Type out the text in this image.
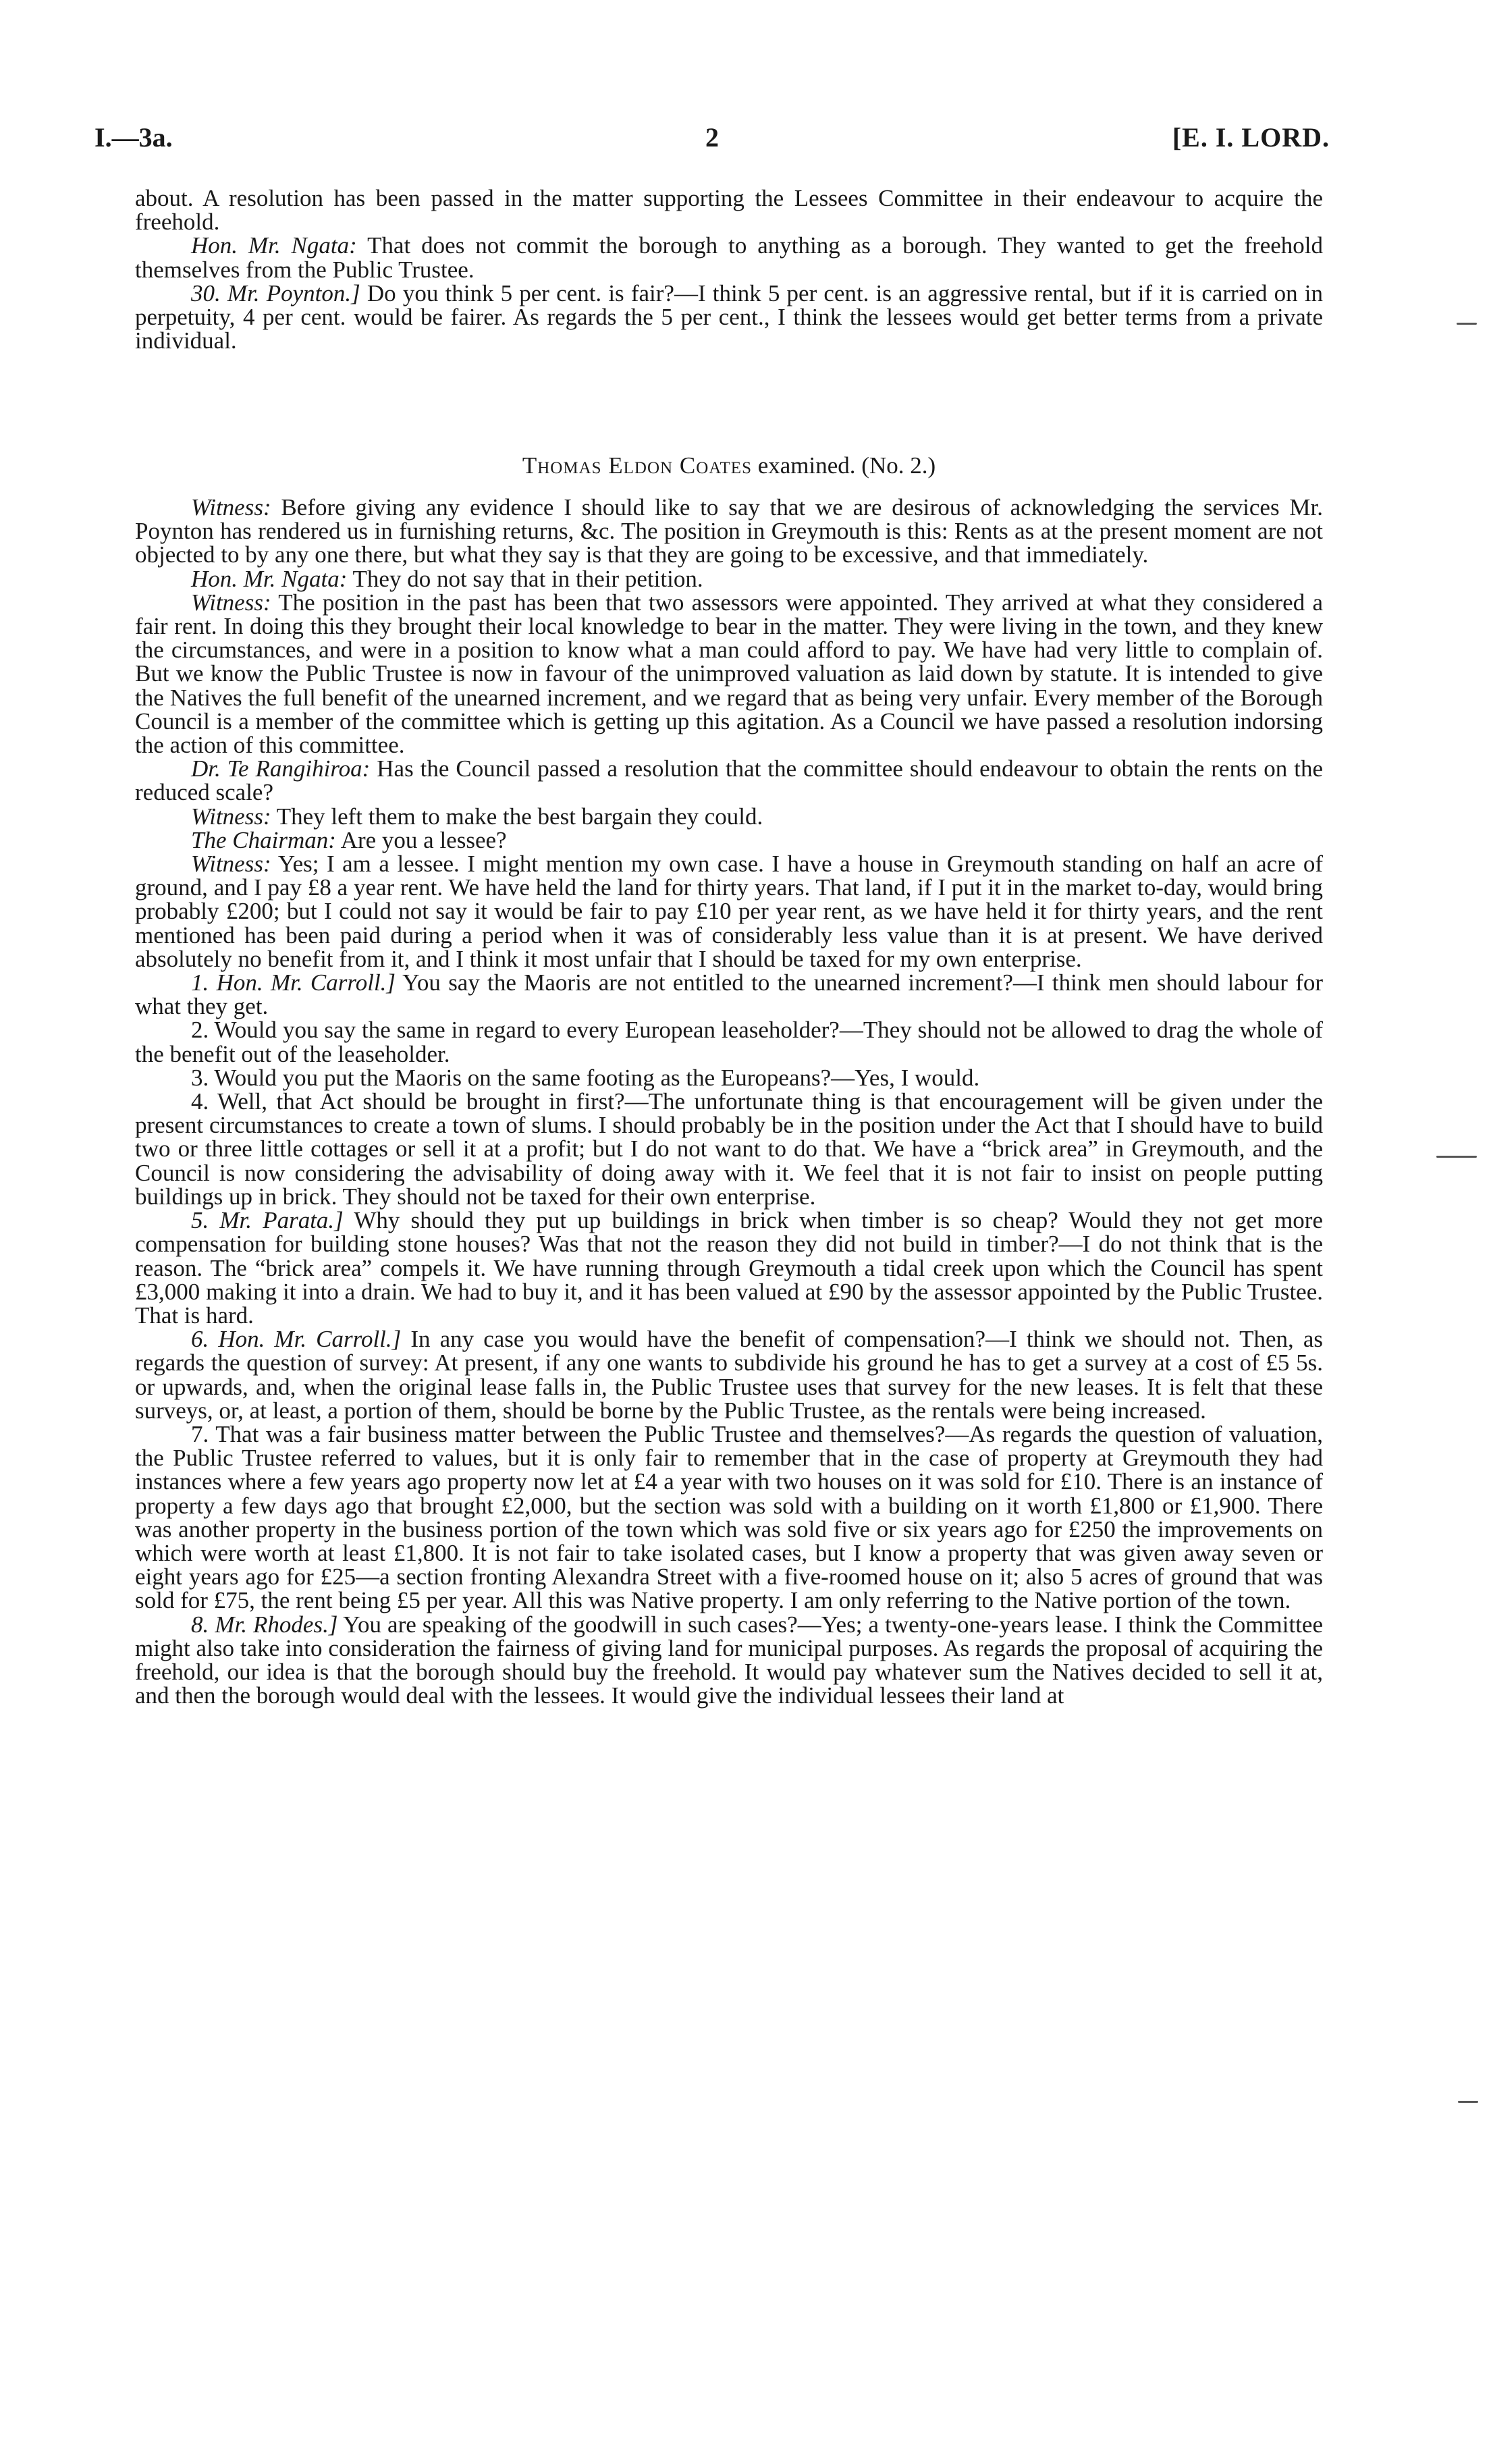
I.—3a.	2	[E. I. LORD.

about. A resolution has been passed in the matter supporting the Lessees Committee in their endeavour to acquire the freehold.

Hon. Mr. Ngata: That does not commit the borough to anything as a borough. They wanted to get the freehold themselves from the Public Trustee.

30. Mr. Poynton.] Do you think 5 per cent. is fair?—I think 5 per cent. is an aggressive rental, but if it is carried on in perpetuity, 4 per cent. would be fairer. As regards the 5 per cent., I think the lessees would get better terms from a private individual.

Thomas Eldon Coates examined. (No. 2.)

Witness: Before giving any evidence I should like to say that we are desirous of acknowledging the services Mr. Poynton has rendered us in furnishing returns, &c. The position in Greymouth is this: Rents as at the present moment are not objected to by any one there, but what they say is that they are going to be excessive, and that immediately.

Hon. Mr. Ngata: They do not say that in their petition.

Witness: The position in the past has been that two assessors were appointed. They arrived at what they considered a fair rent. In doing this they brought their local knowledge to bear in the matter. They were living in the town, and they knew the circumstances, and were in a position to know what a man could afford to pay. We have had very little to complain of. But we know the Public Trustee is now in favour of the unimproved valuation as laid down by statute. It is intended to give the Natives the full benefit of the unearned increment, and we regard that as being very unfair. Every member of the Borough Council is a member of the committee which is getting up this agitation. As a Council we have passed a resolution indorsing the action of this committee.

Dr. Te Rangihiroa: Has the Council passed a resolution that the committee should endeavour to obtain the rents on the reduced scale?

Witness: They left them to make the best bargain they could.

The Chairman: Are you a lessee?

Witness: Yes; I am a lessee. I might mention my own case. I have a house in Greymouth standing on half an acre of ground, and I pay £8 a year rent. We have held the land for thirty years. That land, if I put it in the market to-day, would bring probably £200; but I could not say it would be fair to pay £10 per year rent, as we have held it for thirty years, and the rent mentioned has been paid during a period when it was of considerably less value than it is at present. We have derived absolutely no benefit from it, and I think it most unfair that I should be taxed for my own enterprise.

1. Hon. Mr. Carroll.] You say the Maoris are not entitled to the unearned increment?—I think men should labour for what they get.

2. Would you say the same in regard to every European leaseholder?—They should not be allowed to drag the whole of the benefit out of the leaseholder.

3. Would you put the Maoris on the same footing as the Europeans?—Yes, I would.

4. Well, that Act should be brought in first?—The unfortunate thing is that encouragement will be given under the present circumstances to create a town of slums. I should probably be in the position under the Act that I should have to build two or three little cottages or sell it at a profit; but I do not want to do that. We have a “brick area” in Greymouth, and the Council is now considering the advisability of doing away with it. We feel that it is not fair to insist on people putting buildings up in brick. They should not be taxed for their own enterprise.

5. Mr. Parata.] Why should they put up buildings in brick when timber is so cheap? Would they not get more compensation for building stone houses? Was that not the reason they did not build in timber?—I do not think that is the reason. The “brick area” compels it. We have running through Greymouth a tidal creek upon which the Council has spent £3,000 making it into a drain. We had to buy it, and it has been valued at £90 by the assessor appointed by the Public Trustee. That is hard.

6. Hon. Mr. Carroll.] In any case you would have the benefit of compensation?—I think we should not. Then, as regards the question of survey: At present, if any one wants to subdivide his ground he has to get a survey at a cost of £5 5s. or upwards, and, when the original lease falls in, the Public Trustee uses that survey for the new leases. It is felt that these surveys, or, at least, a portion of them, should be borne by the Public Trustee, as the rentals were being increased.

7. That was a fair business matter between the Public Trustee and themselves?—As regards the question of valuation, the Public Trustee referred to values, but it is only fair to remember that in the case of property at Greymouth they had instances where a few years ago property now let at £4 a year with two houses on it was sold for £10. There is an instance of property a few days ago that brought £2,000, but the section was sold with a building on it worth £1,800 or £1,900. There was another property in the business portion of the town which was sold five or six years ago for £250 the improvements on which were worth at least £1,800. It is not fair to take isolated cases, but I know a property that was given away seven or eight years ago for £25—a section fronting Alexandra Street with a five-roomed house on it; also 5 acres of ground that was sold for £75, the rent being £5 per year. All this was Native property. I am only referring to the Native portion of the town.

8. Mr. Rhodes.] You are speaking of the goodwill in such cases?—Yes; a twenty-one-years lease. I think the Committee might also take into consideration the fairness of giving land for municipal purposes. As regards the proposal of acquiring the freehold, our idea is that the borough should buy the freehold. It would pay whatever sum the Natives decided to sell it at, and then the borough would deal with the lessees. It would give the individual lessees their land at
